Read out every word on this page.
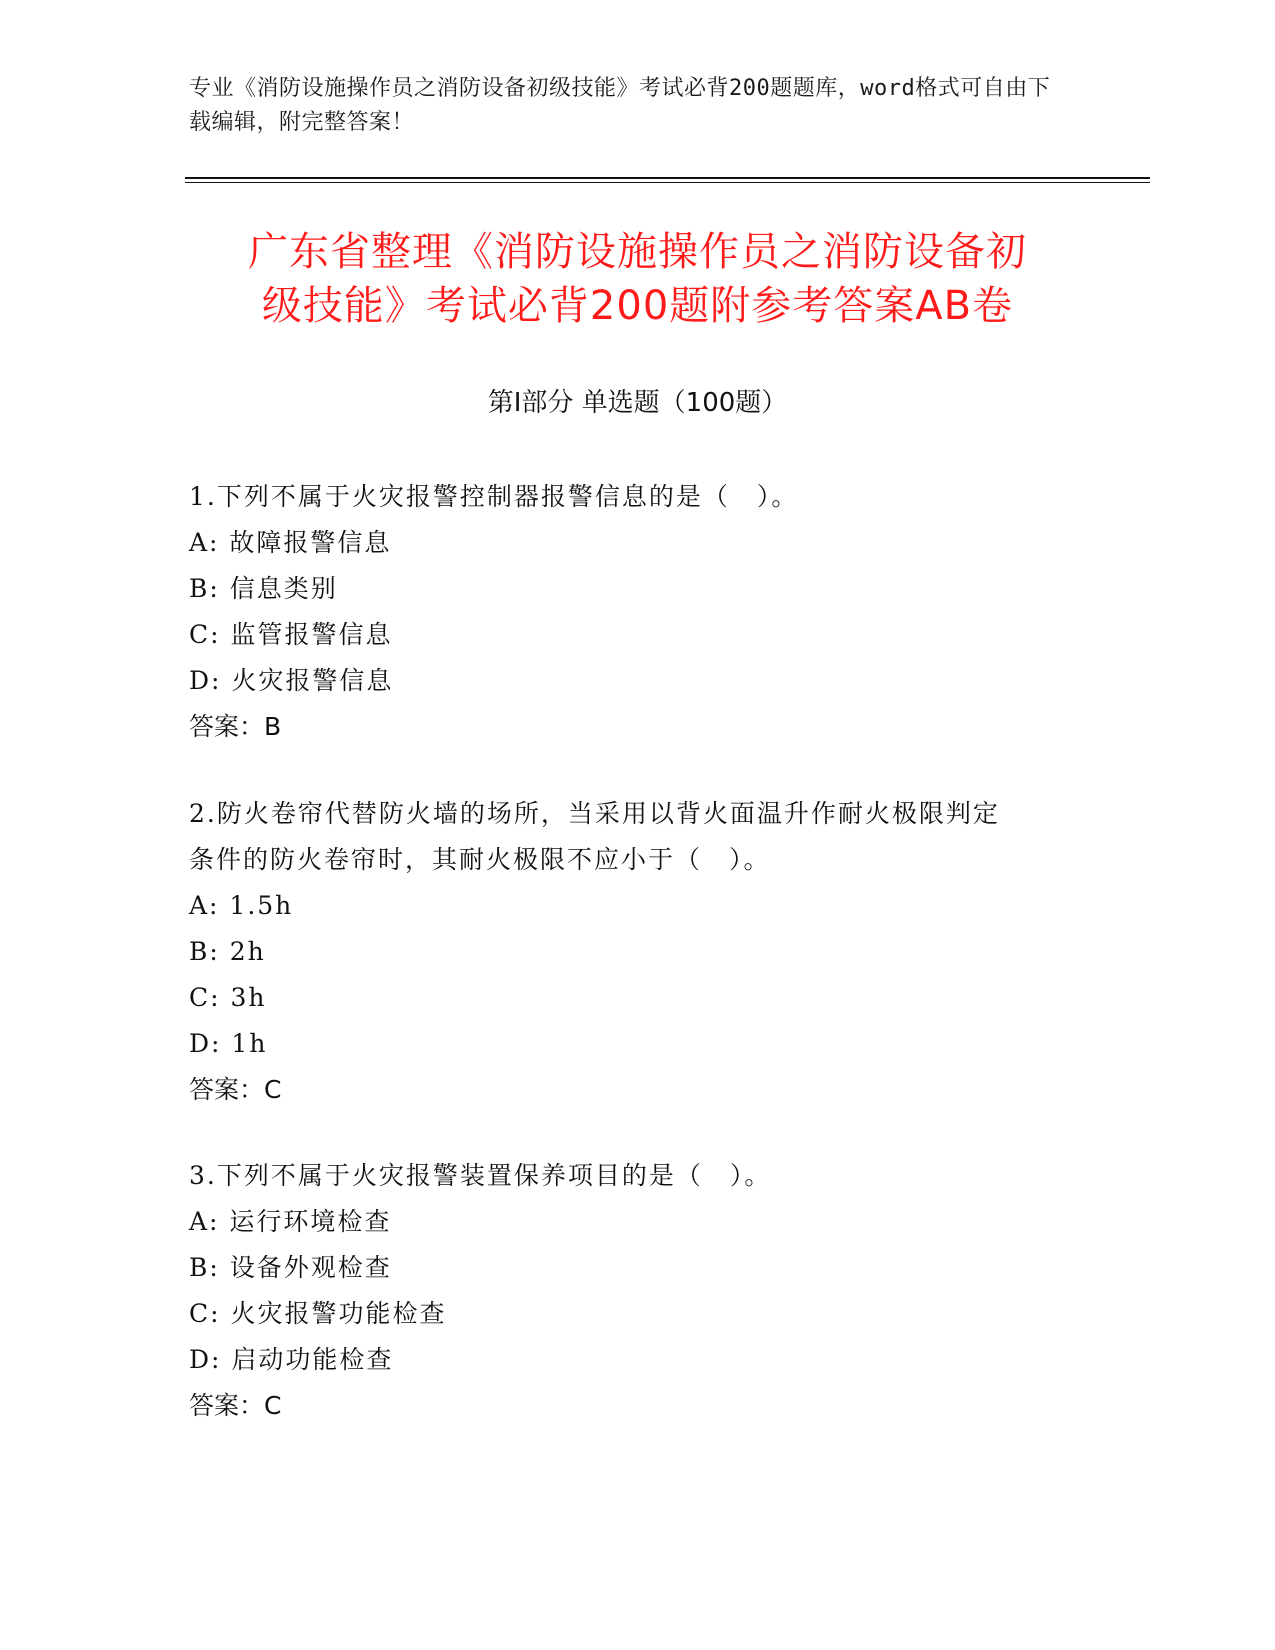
专业《消防设施操作员之消防设备初级技能》考试必背200题题库，word格式可自由下载编辑，附完整答案！
广东省整理《消防设施操作员之消防设备初
级技能》考试必背200题附参考答案AB卷
第Ⅰ部分 单选题（100题）

1.下列不属于火灾报警控制器报警信息的是（　）。

A: 故障报警信息

B: 信息类别

C: 监管报警信息

D: 火灾报警信息

答案：B

2.防火卷帘代替防火墙的场所，当采用以背火面温升作耐火极限判定

条件的防火卷帘时，其耐火极限不应小于（　）。

A: 1.5h

B: 2h

C: 3h

D: 1h

答案：C

3.下列不属于火灾报警装置保养项目的是（　）。

A: 运行环境检查

B: 设备外观检查

C: 火灾报警功能检查

D: 启动功能检查

答案：C
